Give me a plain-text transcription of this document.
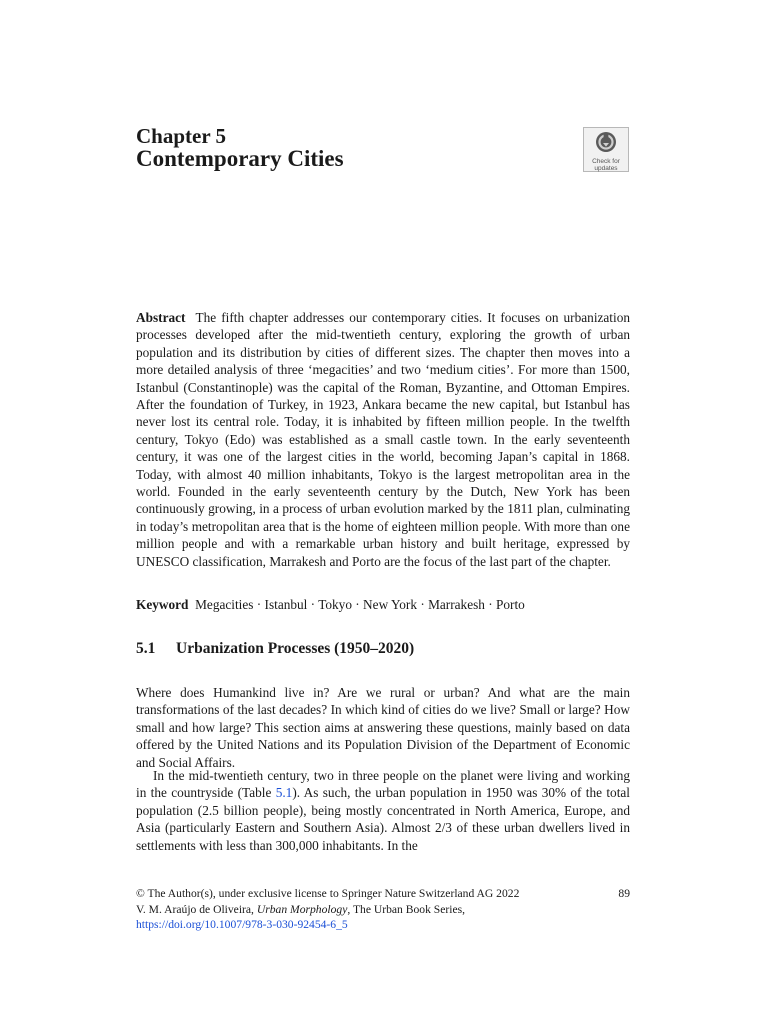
Chapter 5
Contemporary Cities	Check for
updates

Abstract The fifth chapter addresses our contemporary cities. It focuses on urbanization processes developed after the mid-twentieth century, exploring the growth of urban population and its distribution by cities of different sizes. The chapter then moves into a more detailed analysis of three ‘megacities’ and two ‘medium cities’. For more than 1500, Istanbul (Constantinople) was the capital of the Roman, Byzantine, and Ottoman Empires. After the foundation of Turkey, in 1923, Ankara became the new capital, but Istanbul has never lost its central role. Today, it is inhabited by fifteen million people. In the twelfth century, Tokyo (Edo) was established as a small castle town. In the early seventeenth century, it was one of the largest cities in the world, becoming Japan’s capital in 1868. Today, with almost 40 million inhabitants, Tokyo is the largest metropolitan area in the world. Founded in the early seventeenth century by the Dutch, New York has been continuously growing, in a process of urban evolution marked by the 1811 plan, culminating in today’s metropolitan area that is the home of eighteen million people. With more than one million people and with a remarkable urban history and built heritage, expressed by UNESCO classification, Marrakesh and Porto are the focus of the last part of the chapter.

Keyword Megacities · Istanbul · Tokyo · New York · Marrakesh · Porto

5.1 Urbanization Processes (1950–2020)

Where does Humankind live in? Are we rural or urban? And what are the main transformations of the last decades? In which kind of cities do we live? Small or large? How small and how large? This section aims at answering these questions, mainly based on data offered by the United Nations and its Population Division of the Department of Economic and Social Affairs.

In the mid-twentieth century, two in three people on the planet were living and working in the countryside (Table 5.1). As such, the urban population in 1950 was 30% of the total population (2.5 billion people), being mostly concentrated in North America, Europe, and Asia (particularly Eastern and Southern Asia). Almost 2/3 of these urban dwellers lived in settlements with less than 300,000 inhabitants. In the

© The Author(s), under exclusive license to Springer Nature Switzerland AG 2022	89
V. M. Araújo de Oliveira, Urban Morphology, The Urban Book Series,
https://doi.org/10.1007/978-3-030-92454-6_5
